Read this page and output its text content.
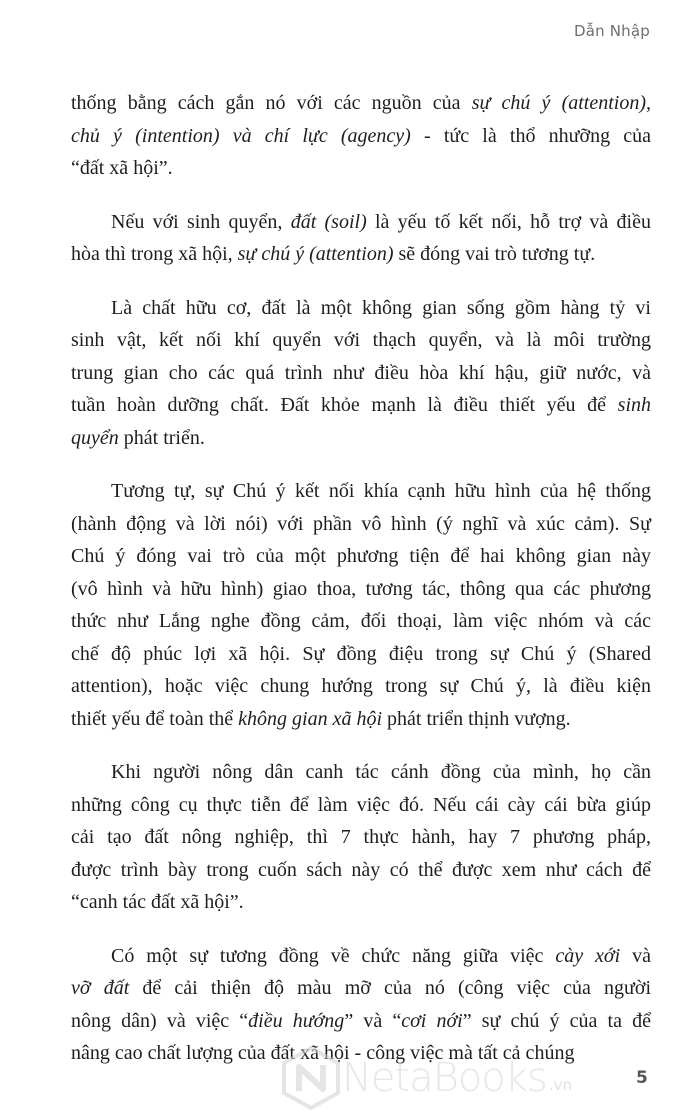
Dẫn Nhập
thống bằng cách gắn nó với các nguồn của sự chú ý (attention),
chủ ý (intention) và chí lực (agency) - tức là thổ nhưỡng của
“đất xã hội”.
Nếu với sinh quyển, đất (soil) là yếu tố kết nối, hỗ trợ và điều
hòa thì trong xã hội, sự chú ý (attention) sẽ đóng vai trò tương tự.
Là chất hữu cơ, đất là một không gian sống gồm hàng tỷ vi
sinh vật, kết nối khí quyển với thạch quyển, và là môi trường
trung gian cho các quá trình như điều hòa khí hậu, giữ nước, và
tuần hoàn dưỡng chất. Đất khỏe mạnh là điều thiết yếu để sinh
quyển phát triển.
Tương tự, sự Chú ý kết nối khía cạnh hữu hình của hệ thống
(hành động và lời nói) với phần vô hình (ý nghĩ và xúc cảm). Sự
Chú ý đóng vai trò của một phương tiện để hai không gian này
(vô hình và hữu hình) giao thoa, tương tác, thông qua các phương
thức như Lắng nghe đồng cảm, đối thoại, làm việc nhóm và các
chế độ phúc lợi xã hội. Sự đồng điệu trong sự Chú ý (Shared
attention), hoặc việc chung hướng trong sự Chú ý, là điều kiện
thiết yếu để toàn thể không gian xã hội phát triển thịnh vượng.
Khi người nông dân canh tác cánh đồng của mình, họ cần
những công cụ thực tiễn để làm việc đó. Nếu cái cày cái bừa giúp
cải tạo đất nông nghiệp, thì 7 thực hành, hay 7 phương pháp,
được trình bày trong cuốn sách này có thể được xem như cách để
“canh tác đất xã hội”.
Có một sự tương đồng về chức năng giữa việc cày xới và
vỡ đất để cải thiện độ màu mỡ của nó (công việc của người
nông dân) và việc “điều hướng” và “cơi nới” sự chú ý của ta để
nâng cao chất lượng của đất xã hội - công việc mà tất cả chúng
NetaBooks .vn	5
